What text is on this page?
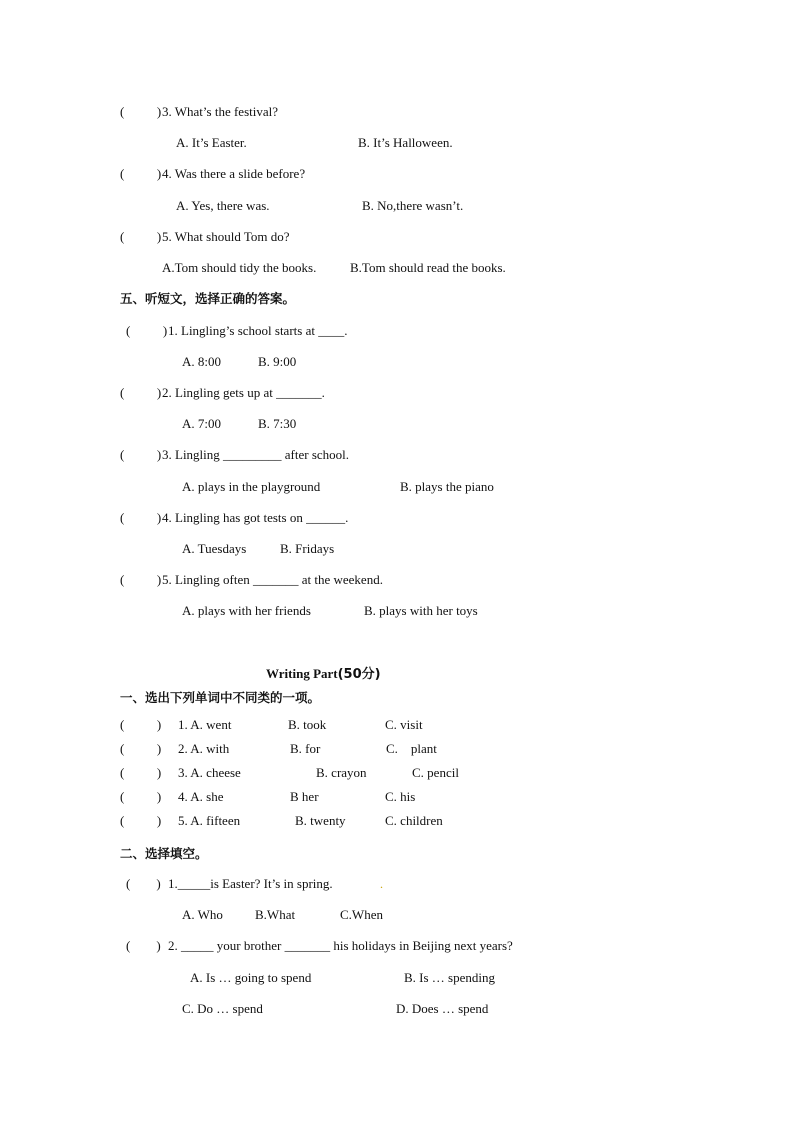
(          ) 3. What’s the festival?
A. It’s Easter.	B. It’s Halloween.
(          ) 4. Was there a slide before?
A. Yes, there was.	B. No,there wasn’t.
(          ) 5. What should Tom do?
A.Tom should tidy the books.	B.Tom should read the books.
五、听短文，选择正确的答案。
(          ) 1. Lingling’s school starts at ____.
A. 8:00	B. 9:00
(          ) 2. Lingling gets up at _______.
A. 7:00	B. 7:30
(          ) 3. Lingling _________ after school.
A. plays in the playground	B. plays the piano
(          ) 4. Lingling has got tests on ______.
A. Tuesdays	B. Fridays
(          ) 5. Lingling often _______ at the weekend.
A. plays with her friends	B. plays with her toys
Writing Part(50分)
一、选出下列单词中不同类的一项。
(          ) 1. A. went	B. took	C. visit
(          ) 2. A. with	B. for	C.    plant
(          ) 3. A. cheese	B. crayon	C. pencil
(          ) 4. A. she	B her	C. his
(          ) 5. A. fifteen	B. twenty	C. children
二、选择填空。
(        ) 1._____is Easter? It’s in spring.	.
A. Who B.What	C.When
(        ) 2. _____ your brother _______ his holidays in Beijing next years?
A. Is … going to spend	B. Is … spending
C. Do … spend	D. Does … spend
